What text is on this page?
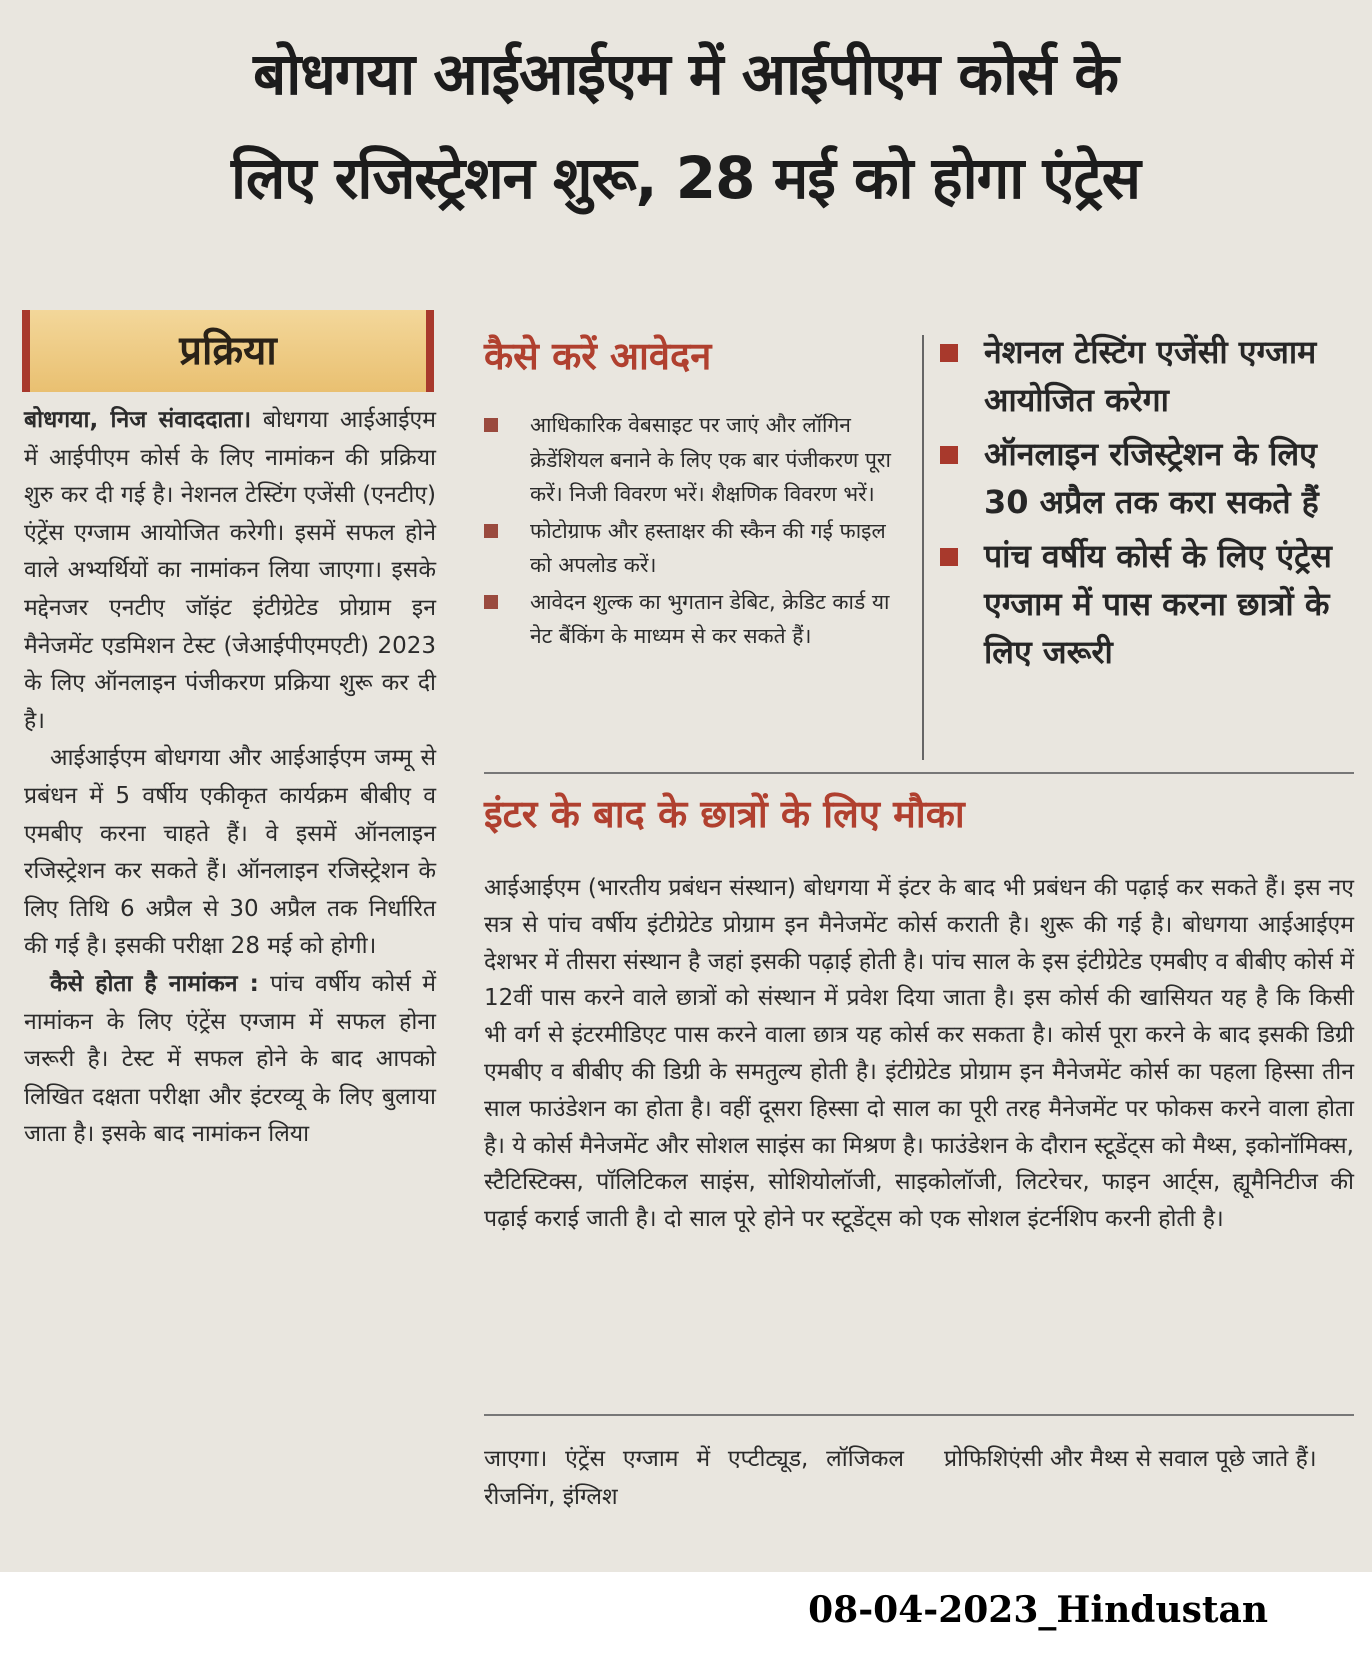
बोधगया आईआईएम में आईपीएम कोर्स के
लिए रजिस्ट्रेशन शुरू, 28 मई को होगा एंट्रेस
प्रक्रिया

बोधगया, निज संवाददाता। बोधगया आईआईएम में आईपीएम कोर्स के लिए नामांकन की प्रक्रिया शुरु कर दी गई है। नेशनल टेस्टिंग एजेंसी (एनटीए) एंट्रेंस एग्जाम आयोजित करेगी। इसमें सफल होने वाले अभ्यर्थियों का नामांकन लिया जाएगा। इसके मद्देनजर एनटीए जॉइंट इंटीग्रेटेड प्रोग्राम इन मैनेजमेंट एडमिशन टेस्ट (जेआईपीएमएटी) 2023 के लिए ऑनलाइन पंजीकरण प्रक्रिया शुरू कर दी है।

आईआईएम बोधगया और आईआईएम जम्मू से प्रबंधन में 5 वर्षीय एकीकृत कार्यक्रम बीबीए व एमबीए करना चाहते हैं। वे इसमें ऑनलाइन रजिस्ट्रेशन कर सकते हैं। ऑनलाइन रजिस्ट्रेशन के लिए तिथि 6 अप्रैल से 30 अप्रैल तक निर्धारित की गई है। इसकी परीक्षा 28 मई को होगी।

कैसे होता है नामांकन : पांच वर्षीय कोर्स में नामांकन के लिए एंट्रेंस एग्जाम में सफल होना जरूरी है। टेस्ट में सफल होने के बाद आपको लिखित दक्षता परीक्षा और इंटरव्यू के लिए बुलाया जाता है। इसके बाद नामांकन लिया

कैसे करें आवेदन
आधिकारिक वेबसाइट पर जाएं और लॉगिन क्रेडेंशियल बनाने के लिए एक बार पंजीकरण पूरा करें। निजी विवरण भरें। शैक्षणिक विवरण भरें।
फोटोग्राफ और हस्ताक्षर की स्कैन की गई फाइल को अपलोड करें।
आवेदन शुल्क का भुगतान डेबिट, क्रेडिट कार्ड या नेट बैंकिंग के माध्यम से कर सकते हैं।
नेशनल टेस्टिंग एजेंसी एग्जाम आयोजित करेगा
ऑनलाइन रजिस्ट्रेशन के लिए 30 अप्रैल तक करा सकते हैं
पांच वर्षीय कोर्स के लिए एंट्रेस एग्जाम में पास करना छात्रों के लिए जरूरी
इंटर के बाद के छात्रों के लिए मौका

आईआईएम (भारतीय प्रबंधन संस्थान) बोधगया में इंटर के बाद भी प्रबंधन की पढ़ाई कर सकते हैं। इस नए सत्र से पांच वर्षीय इंटीग्रेटेड प्रोग्राम इन मैनेजमेंट कोर्स कराती है। शुरू की गई है। बोधगया आईआईएम देशभर में तीसरा संस्थान है जहां इसकी पढ़ाई होती है। पांच साल के इस इंटीग्रेटेड एमबीए व बीबीए कोर्स में 12वीं पास करने वाले छात्रों को संस्थान में प्रवेश दिया जाता है। इस कोर्स की खासियत यह है कि किसी भी वर्ग से इंटरमीडिएट पास करने वाला छात्र यह कोर्स कर सकता है। कोर्स पूरा करने के बाद इसकी डिग्री एमबीए व बीबीए की डिग्री के समतुल्य होती है। इंटीग्रेटेड प्रोग्राम इन मैनेजमेंट कोर्स का पहला हिस्सा तीन साल फाउंडेशन का होता है। वहीं दूसरा हिस्सा दो साल का पूरी तरह मैनेजमेंट पर फोकस करने वाला होता है। ये कोर्स मैनेजमेंट और सोशल साइंस का मिश्रण है। फाउंडेशन के दौरान स्टूडेंट्स को मैथ्स, इकोनॉमिक्स, स्टैटिस्टिक्स, पॉलिटिकल साइंस, सोशियोलॉजी, साइकोलॉजी, लिटरेचर, फाइन आर्ट्स, ह्यूमैनिटीज की पढ़ाई कराई जाती है। दो साल पूरे होने पर स्टूडेंट्स को एक सोशल इंटर्नशिप करनी होती है।

जाएगा। एंट्रेंस एग्जाम में एप्टीट्यूड, लॉजिकल रीजनिंग, इंग्लिश

प्रोफिशिएंसी और मैथ्स से सवाल पूछे जाते हैं।

08-04-2023_Hindustan
